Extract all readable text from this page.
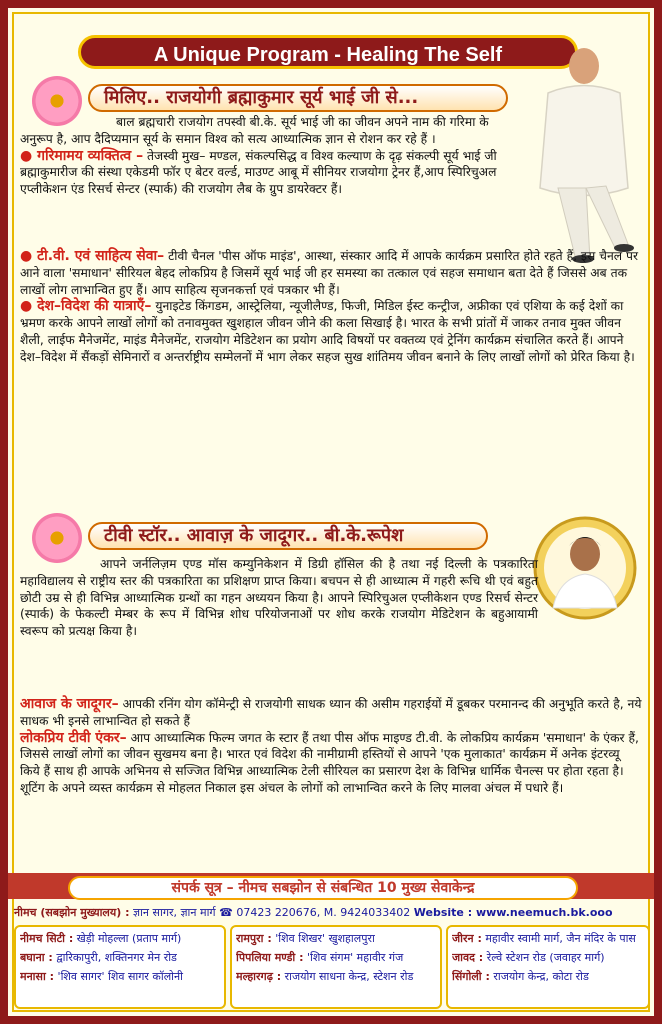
A Unique Program - Healing The Self
मिलिए.. राजयोगी ब्रह्माकुमार सूर्य भाई जी से...

बाल ब्रह्मचारी राजयोग तपस्वी बी.के. सूर्य भाई जी का जीवन अपने नाम की गरिमा के अनुरूप है, आप दैदिप्यमान सूर्य के समान विश्व को सत्य आध्यात्मिक ज्ञान से रोशन कर रहे हैं ।

● गरिमामय व्यक्तित्व – तेजस्वी मुख– मण्डल, संकल्पसिद्ध व विश्व कल्याण के दृढ़ संकल्पी सूर्य भाई जी ब्रह्माकुमारीज की संस्था एकेडमी फॉर ए बेटर वर्ल्ड, माउण्ट आबू में सीनियर राजयोगा ट्रेनर हैं,आप स्पिरिचुअल एप्लीकेशन एंड रिसर्च सेन्टर (स्पार्क) की राजयोग लैब के ग्रुप डायरेक्टर हैं।

● टी.वी. एवं साहित्य सेवा– टीवी चैनल 'पीस ऑफ माइंड', आस्था, संस्कार आदि में आपके कार्यक्रम प्रसारित होते रहते हैं, इस चैनल पर आने वाला 'समाधान' सीरियल बेहद लोकप्रिय है जिसमें सूर्य भाई जी हर समस्या का तत्काल एवं सहज समाधान बता देते हैं जिससे अब तक लाखों लोग लाभान्वित हुए हैं। आप साहित्य सृजनकर्त्ता एवं पत्रकार भी हैं।

● देश–विदेश की यात्राएँ– युनाइटेड किंगडम, आस्ट्रेलिया, न्यूजीलैण्ड, फिजी, मिडिल ईस्ट कन्ट्रीज, अफ्रीका एवं एशिया के कई देशों का भ्रमण करके आपने लाखों लोगों को तनावमुक्त खुशहाल जीवन जीने की कला सिखाई है। भारत के सभी प्रांतों में जाकर तनाव मुक्त जीवन शैली, लाईफ मैनेजमेंट, माइंड मैनेजमेंट, राजयोग मेडिटेशन का प्रयोग आदि विषयों पर वक्तव्य एवं ट्रेनिंग कार्यक्रम संचालित करते हैं। आपने देश–विदेश में सैंकड़ों सेमिनारों व अन्तर्राष्ट्रीय सम्मेलनों में भाग लेकर सहज सुख शांतिमय जीवन बनाने के लिए लाखों लोगों को प्रेरित किया है।

टीवी स्टॉर.. आवाज़ के जादूगर.. बी.के.रूपेश

आपने जर्नलिज़म एण्ड मॉस कम्युनिकेशन में डिग्री हॉसिल की है तथा नई दिल्ली के पत्रकारिता महाविद्यालय से राष्ट्रीय स्तर की पत्रकारिता का प्रशिक्षण प्राप्त किया। बचपन से ही आध्यात्म में गहरी रूचि थी एवं बहुत छोटी उम्र से ही विभिन्न आध्यात्मिक ग्रन्थों का गहन अध्ययन किया है। आपने स्पिरिचुअल एप्लीकेशन एण्ड रिसर्च सेन्टर (स्पार्क) के फेकल्टी मेम्बर के रूप में विभिन्न शोध परियोजनाओं पर शोध करके राजयोग मेडिटेशन के बहुआयामी स्वरूप को प्रत्यक्ष किया है।

आवाज के जादूगर– आपकी रनिंग योग कॉमेन्ट्री से राजयोगी साधक ध्यान की असीम गहराईयों में डूबकर परमानन्द की अनुभूति करते है, नये साधक भी इनसे लाभान्वित हो सकते हैं

लोकप्रिय टीवी एंकर– आप आध्यात्मिक फिल्म जगत के स्टार हैं तथा पीस ऑफ माइण्ड टी.वी. के लोकप्रिय कार्यक्रम 'समाधान' के एंकर हैं, जिससे लाखों लोगों का जीवन सुखमय बना है। भारत एवं विदेश की नामीग्रामी हस्तियों से आपने 'एक मुलाकात' कार्यक्रम में अनेक इंटरव्यू किये हैं साथ ही आपके अभिनय से सज्जित विभिन्न आध्यात्मिक टेली सीरियल का प्रसारण देश के विभिन्न धार्मिक चैनल्स पर होता रहता है। शूटिंग के अपने व्यस्त कार्यक्रम से मोहलत निकाल इस अंचल के लोगों को लाभान्वित करने के लिए मालवा अंचल में पधारे हैं।

संपर्क सूत्र – नीमच सबझोन से संबन्धित 10 मुख्य सेवाकेन्द्र
नीमच (सबझोन मुख्यालय) : ज्ञान सागर, ज्ञान मार्ग ☎ 07423 220676, M. 9424033402 Website : www.neemuch.bk.ooo
नीमच सिटी : खेड़ी मोहल्ला (प्रताप मार्ग)
बघाना : द्वारिकापुरी, शक्तिनगर मेन रोड
मनासा : 'शिव सागर' शिव सागर कॉलोनी
रामपुरा : 'शिव शिखर' खुशहालपुरा
पिपलिया मण्डी : 'शिव संगम' महावीर गंज
मल्हारगढ़ : राजयोग साधना केन्द्र, स्टेशन रोड
जीरन : महावीर स्वामी मार्ग, जैन मंदिर के पास
जावद : रेल्वे स्टेशन रोड (जवाहर मार्ग)
सिंगोली : राजयोग केन्द्र, कोटा रोड
